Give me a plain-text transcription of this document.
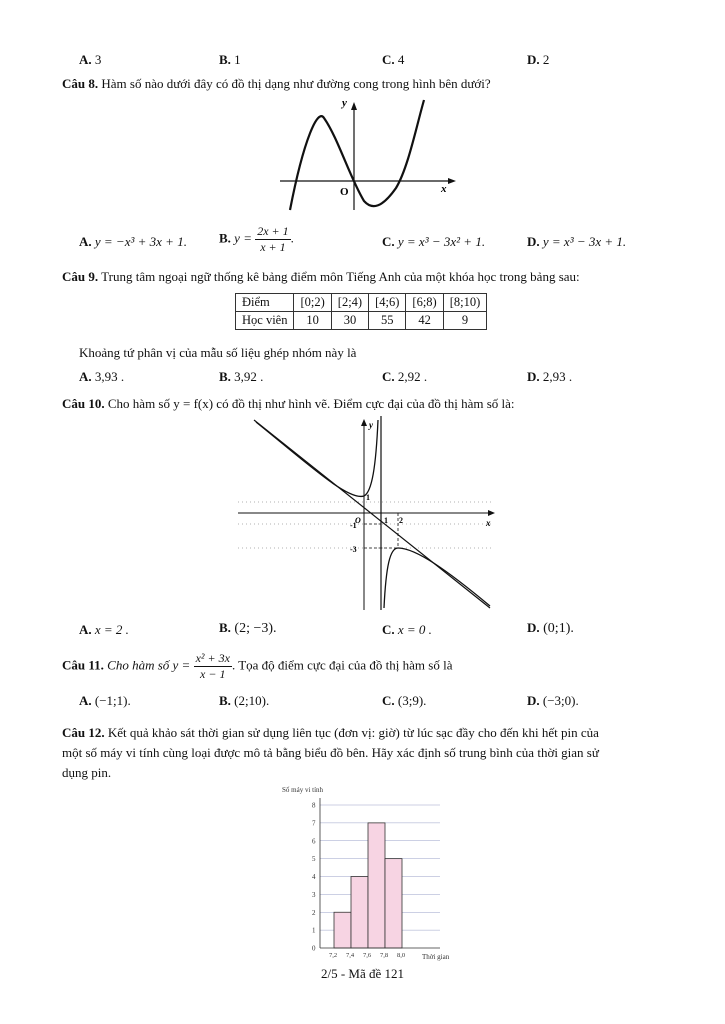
A. 3	B. 1	C. 4	D. 2
Câu 8. Hàm số nào dưới đây có đồ thị dạng như đường cong trong hình bên dưới?
y
x
O
A. y = −x³ + 3x + 1. B. $y = \frac{2x + 1}{x + 1}$ .	C. y = x³ − 3x² + 1.	D. y = x³ − 3x + 1.
Câu 9. Trung tâm ngoại ngữ thống kê bảng điểm môn Tiếng Anh của một khóa học trong bảng sau:
Điểm	[0;2)	[2;4)	[4;6)	[6;8)	[8;10)
Học viên	10	30	55	42	9
Khoảng tứ phân vị của mẫu số liệu ghép nhóm này là
A. 3,93 .	B. 3,92 .	C. 2,92 .	D. 2,93 .
Câu 10. Cho hàm số y = f(x) có đồ thị như hình vẽ. Điểm cực đại của đồ thị hàm số là:
y
x
O
1
1 2
-1
-3
A. x = 2 .	B. (2; −3).	C. x = 0 .	D. (0;1).
Câu 11. Cho hàm số $y = \frac{\text{x² + 3x}}{x - 1}$ . Tọa độ điểm cực đại của đồ thị hàm số là
A. (−1;1).	B. (2;10).	C. (3;9).	D. (−3;0).
Câu 12. Kết quả khảo sát thời gian sử dụng liên tục (đơn vị: giờ) từ lúc sạc đầy cho đến khi hết pin của
một số máy vi tính cùng loại được mô tả bằng biểu đồ bên. Hãy xác định số trung bình của thời gian sử
dụng pin.
Số máy vi tính
Thời gian
0
1
2
3
4
5
6
7
8
7,2 7,4 7,6 7,8 8,0
2/5 - Mã đề 121
